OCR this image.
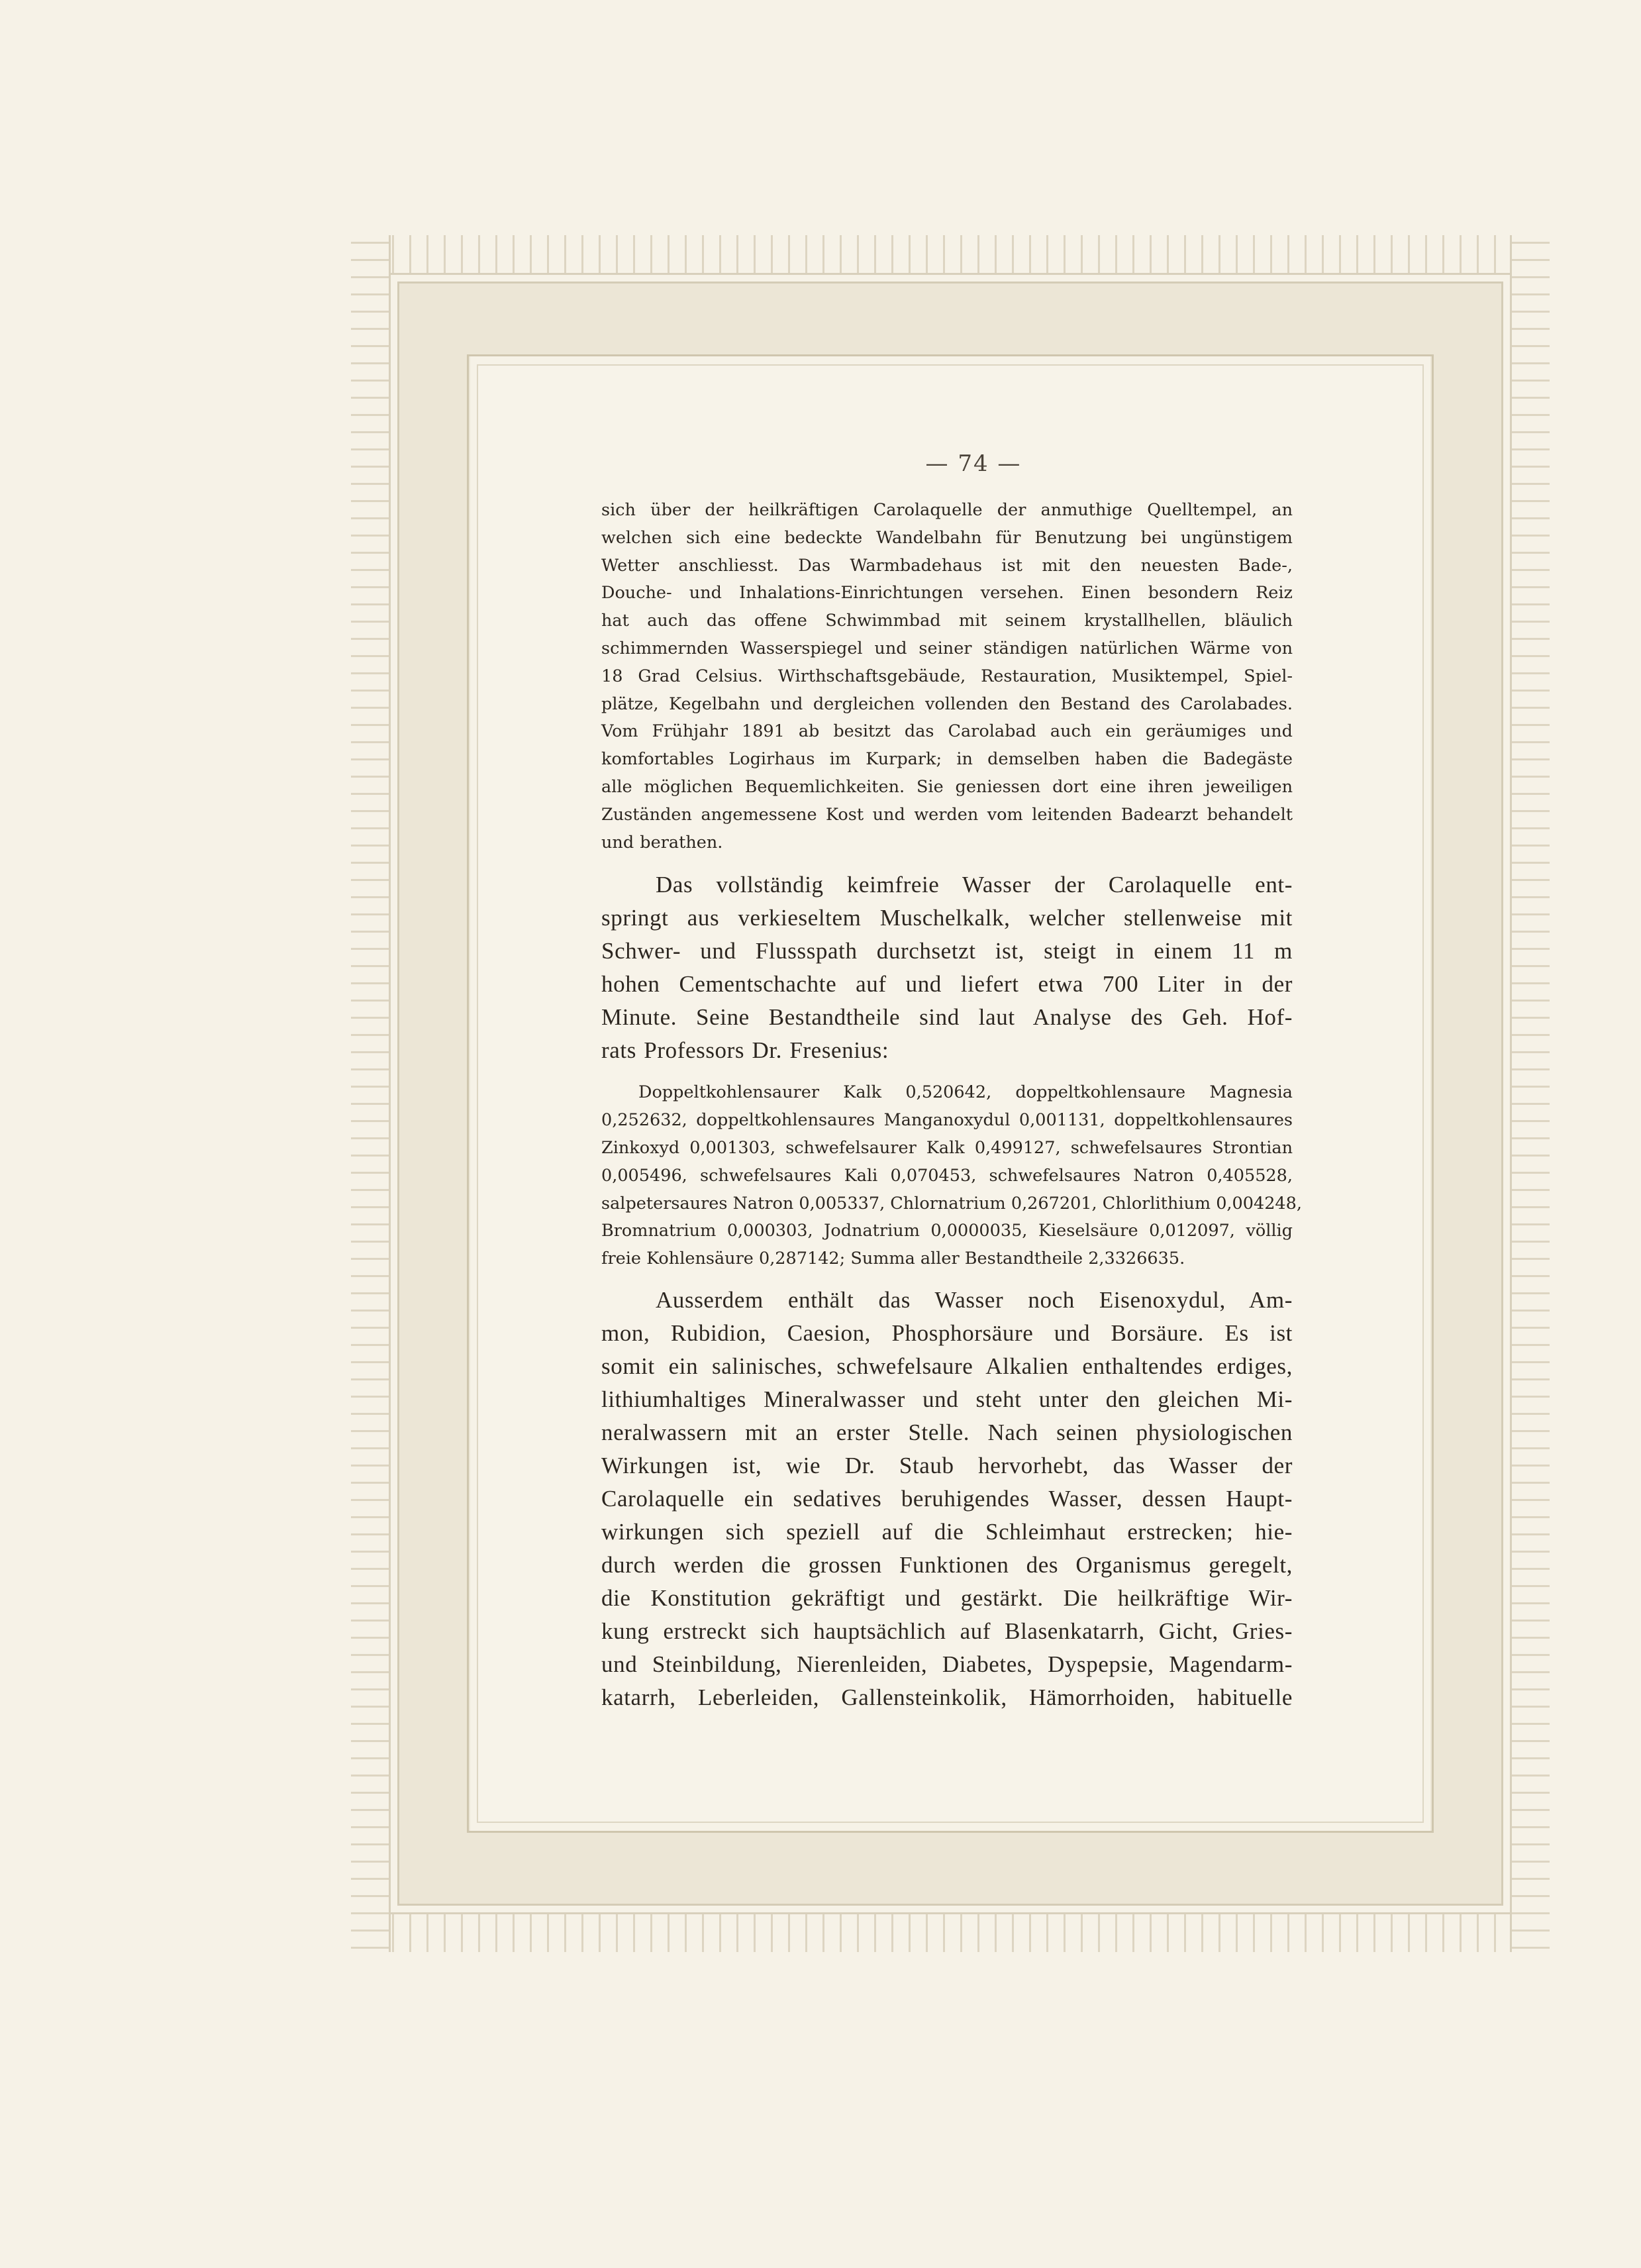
— 74 —
sich über der heilkräftigen Carolaquelle der anmuthige Quelltempel, an
welchen sich eine bedeckte Wandelbahn für Benutzung bei ungünstigem
Wetter anschliesst. Das Warmbadehaus ist mit den neuesten Bade-,
Douche- und Inhalations-Einrichtungen versehen. Einen besondern Reiz
hat auch das offene Schwimmbad mit seinem krystallhellen, bläulich
schimmernden Wasserspiegel und seiner ständigen natürlichen Wärme von
18 Grad Celsius. Wirthschaftsgebäude, Restauration, Musiktempel, Spiel-
plätze, Kegelbahn und dergleichen vollenden den Bestand des Carolabades.
Vom Frühjahr 1891 ab besitzt das Carolabad auch ein geräumiges und
komfortables Logirhaus im Kurpark; in demselben haben die Badegäste
alle möglichen Bequemlichkeiten. Sie geniessen dort eine ihren jeweiligen
Zuständen angemessene Kost und werden vom leitenden Badearzt behandelt
und berathen.
Das vollständig keimfreie Wasser der Carolaquelle ent-
springt aus verkieseltem Muschelkalk, welcher stellenweise mit
Schwer- und Flussspath durchsetzt ist, steigt in einem 11 m
hohen Cementschachte auf und liefert etwa 700 Liter in der
Minute. Seine Bestandtheile sind laut Analyse des Geh. Hof-
rats Professors Dr. Fresenius:
Doppeltkohlensaurer Kalk 0,520642, doppeltkohlensaure Magnesia
0,252632, doppeltkohlensaures Manganoxydul 0,001131, doppeltkohlensaures
Zinkoxyd 0,001303, schwefelsaurer Kalk 0,499127, schwefelsaures Strontian
0,005496, schwefelsaures Kali 0,070453, schwefelsaures Natron 0,405528,
salpetersaures Natron 0,005337, Chlornatrium 0,267201, Chlorlithium 0,004248,
Bromnatrium 0,000303, Jodnatrium 0,0000035, Kieselsäure 0,012097, völlig
freie Kohlensäure 0,287142; Summa aller Bestandtheile 2,3326635.
Ausserdem enthält das Wasser noch Eisenoxydul, Am-
mon, Rubidion, Caesion, Phosphorsäure und Borsäure. Es ist
somit ein salinisches, schwefelsaure Alkalien enthaltendes erdiges,
lithiumhaltiges Mineralwasser und steht unter den gleichen Mi-
neralwassern mit an erster Stelle. Nach seinen physiologischen
Wirkungen ist, wie Dr. Staub hervorhebt, das Wasser der
Carolaquelle ein sedatives beruhigendes Wasser, dessen Haupt-
wirkungen sich speziell auf die Schleimhaut erstrecken; hie-
durch werden die grossen Funktionen des Organismus geregelt,
die Konstitution gekräftigt und gestärkt. Die heilkräftige Wir-
kung erstreckt sich hauptsächlich auf Blasenkatarrh, Gicht, Gries-
und Steinbildung, Nierenleiden, Diabetes, Dyspepsie, Magendarm-
katarrh, Leberleiden, Gallensteinkolik, Hämorrhoiden, habituelle
